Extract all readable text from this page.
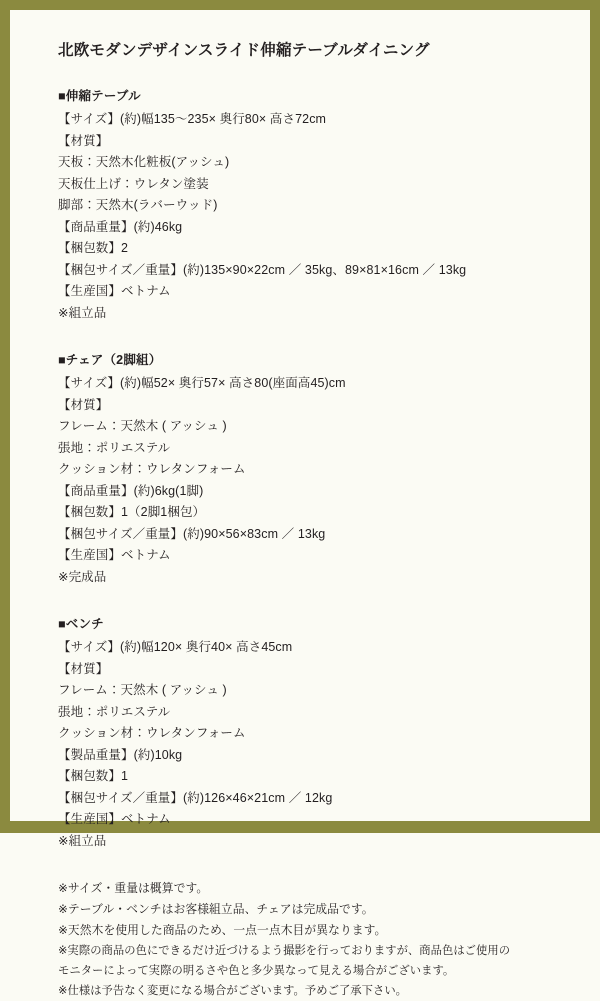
北欧モダンデザインスライド伸縮テーブルダイニング
■伸縮テーブル
【サイズ】(約)幅135〜235× 奥行80× 高さ72cm
【材質】
天板：天然木化粧板(アッシュ)
天板仕上げ：ウレタン塗装
脚部：天然木(ラバーウッド)
【商品重量】(約)46kg
【梱包数】2
【梱包サイズ／重量】(約)135×90×22cm ／ 35kg、89×81×16cm ／ 13kg
【生産国】ベトナム
※組立品
■チェア（2脚組）
【サイズ】(約)幅52× 奥行57× 高さ80(座面高45)cm
【材質】
フレーム：天然木 ( アッシュ )
張地：ポリエステル
クッション材：ウレタンフォーム
【商品重量】(約)6kg(1脚)
【梱包数】1（2脚1梱包）
【梱包サイズ／重量】(約)90×56×83cm ／ 13kg
【生産国】ベトナム
※完成品
■ベンチ
【サイズ】(約)幅120× 奥行40× 高さ45cm
【材質】
フレーム：天然木 ( アッシュ )
張地：ポリエステル
クッション材：ウレタンフォーム
【製品重量】(約)10kg
【梱包数】1
【梱包サイズ／重量】(約)126×46×21cm ／ 12kg
【生産国】ベトナム
※組立品
※サイズ・重量は概算です。
※テーブル・ベンチはお客様組立品、チェアは完成品です。
※天然木を使用した商品のため、一点一点木目が異なります。
※実際の商品の色にできるだけ近づけるよう撮影を行っておりますが、商品色はご使用の
モニターによって実際の明るさや色と多少異なって見える場合がございます。
※仕様は予告なく変更になる場合がございます。予めご了承下さい。
